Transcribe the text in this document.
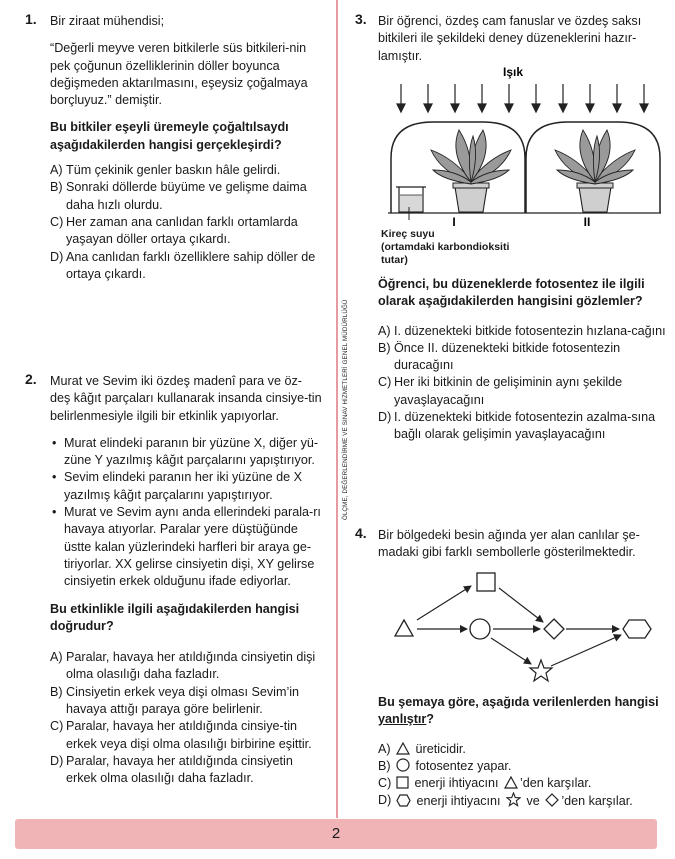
ÖLÇME, DEĞERLENDİRME VE SINAV HİZMETLERİ GENEL MÜDÜRLÜĞÜ
1. Bir ziraat mühendisi;

“Değerli meyve veren bitkilerle süs bitkileri-nin pek çoğunun özelliklerinin döller boyunca değişmeden aktarılmasını, eşeysiz çoğalmaya borçluyuz.” demiştir.

Bu bitkiler eşeyli üremeyle çoğaltılsaydı aşağıdakilerden hangisi gerçekleşirdi?

A) Tüm çekinik genler baskın hâle gelirdi.
B) Sonraki döllerde büyüme ve gelişme daima daha hızlı olurdu.
C) Her zaman ana canlıdan farklı ortamlarda yaşayan döller ortaya çıkardı.
D) Ana canlıdan farklı özelliklere sahip döller de ortaya çıkardı.
2. Murat ve Sevim iki özdeş madenî para ve öz-deş kâğıt parçaları kullanarak insanda cinsiye-tin belirlenmesiyle ilgili bir etkinlik yapıyorlar.

• Murat elindeki paranın bir yüzüne X, diğer yü-züne Y yazılmış kâğıt parçalarını yapıştırıyor.
• Sevim elindeki paranın her iki yüzüne de X yazılmış kâğıt parçalarını yapıştırıyor.
• Murat ve Sevim aynı anda ellerindeki parala-rı havaya atıyorlar. Paralar yere düştüğünde üstte kalan yüzlerindeki harfleri bir araya ge-tiriyorlar. XX gelirse cinsiyetin dişi, XY gelirse cinsiyetin erkek olduğunu ifade ediyorlar.

Bu etkinlikle ilgili aşağıdakilerden hangisi doğrudur?

A) Paralar, havaya her atıldığında cinsiyetin dişi olma olasılığı daha fazladır.
B) Cinsiyetin erkek veya dişi olması Sevim’in havaya attığı paraya göre belirlenir.
C) Paralar, havaya her atıldığında cinsiye-tin erkek veya dişi olma olasılığı birbirine eşittir.
D) Paralar, havaya her atıldığında cinsiyetin erkek olma olasılığı daha fazladır.
3. Bir öğrenci, özdeş cam fanuslar ve özdeş saksı bitkileri ile şekildeki deney düzeneklerini hazır-lamıştır.

Işık
I	II
Kireç suyu
(ortamdaki karbondioksiti tutar)

Öğrenci, bu düzeneklerde fotosentez ile ilgili olarak aşağıdakilerden hangisini gözlemler?

A) I. düzenekteki bitkide fotosentezin hızlana-cağını
B) Önce II. düzenekteki bitkide fotosentezin duracağını
C) Her iki bitkinin de gelişiminin aynı şekilde yavaşlayacağını
D) I. düzenekteki bitkide fotosentezin azalma-sına bağlı olarak gelişimin yavaşlayacağını
4. Bir bölgedeki besin ağında yer alan canlılar şe-madaki gibi farklı sembollerle gösterilmektedir.

Bu şemaya göre, aşağıda verilenlerden hangisi yanlıştır?

A)	üreticidir.
B)	fotosentez yapar.
C)	enerji ihtiyacını ’den karşılar.
D)	enerji ihtiyacını ve ’den karşılar.
2
